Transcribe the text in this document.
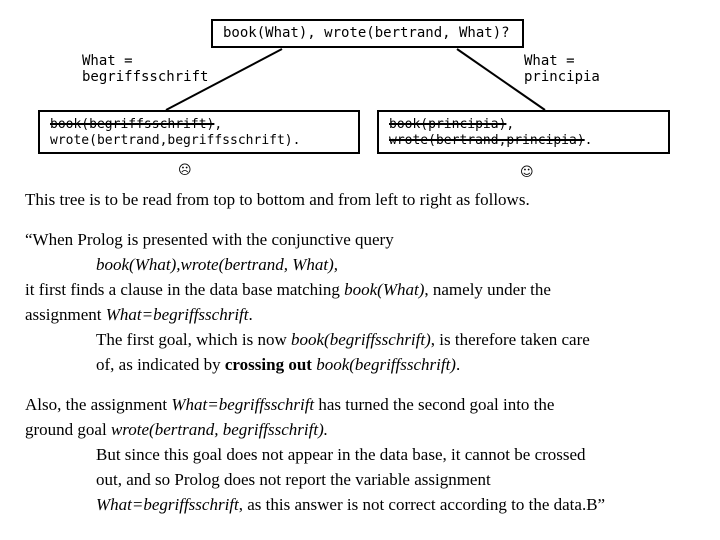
book(What), wrote(bertrand, What)?
What =
begriffsschrift
What =
principia
book(begriffsschrift),
wrote(bertrand,begriffsschrift).
book(principia),
wrote(bertrand,principia).
☹	☺

This tree is to be read from top to bottom and from left to right as follows.

“When Prolog is presented with the conjunctive query

book(What),wrote(bertrand, What),

it first finds a clause in the data base matching book(What), namely under the

assignment What=begriffsschrift.

The first goal, which is now book(begriffsschrift), is therefore taken care

of, as indicated by crossing out book(begriffsschrift).

Also, the assignment What=begriffsschrift has turned the second goal into the

ground goal wrote(bertrand, begriffsschrift).

But since this goal does not appear in the data base, it cannot be crossed

out, and so Prolog does not report the variable assignment

What=begriffsschrift, as this answer is not correct according to the data.B”
